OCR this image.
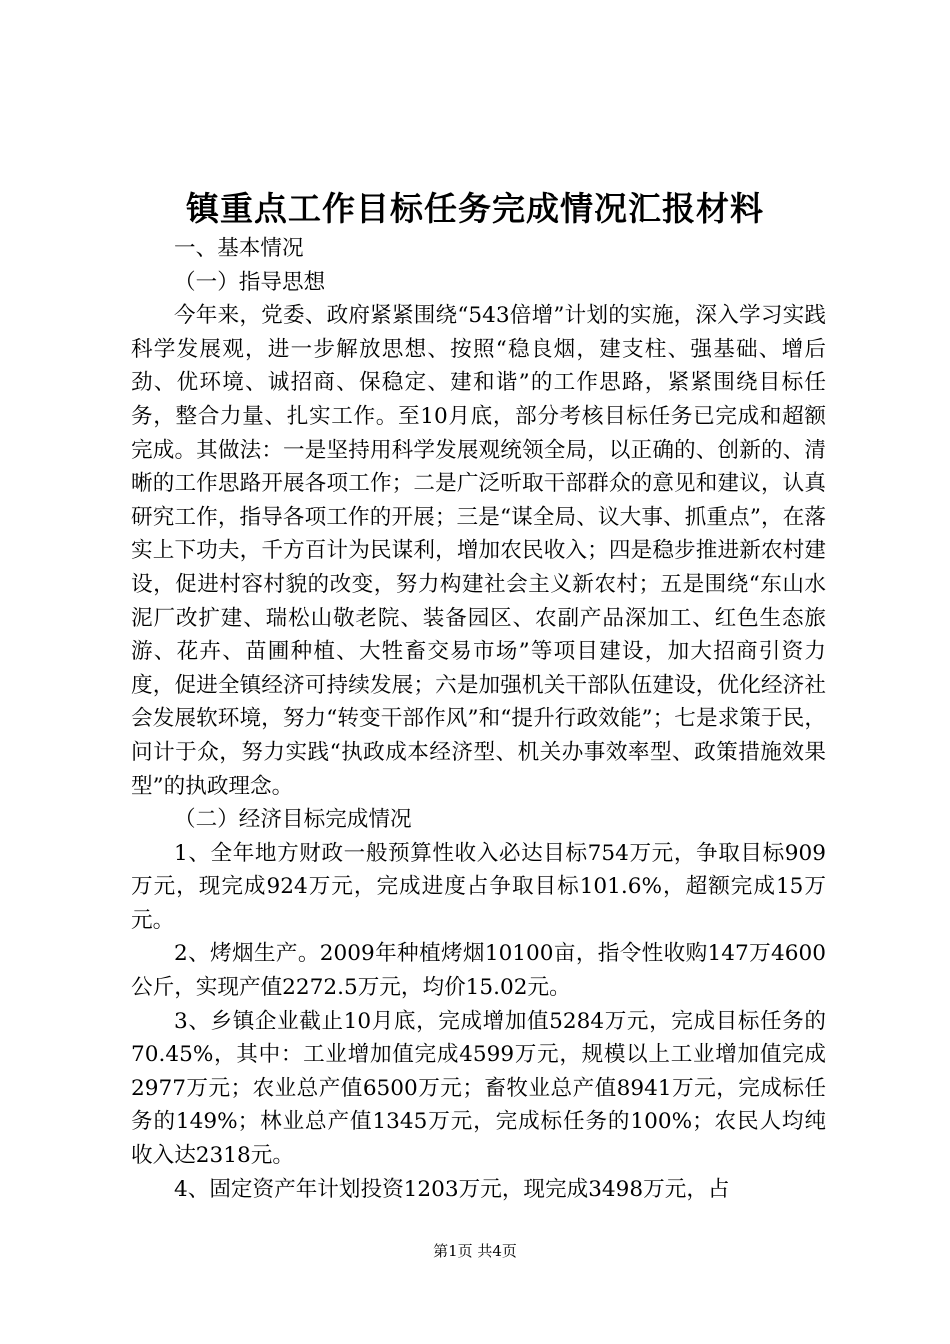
镇重点工作目标任务完成情况汇报材料

一、基本情况

（一）指导思想

今年来，党委、政府紧紧围绕“543倍增”计划的实施，深入学习实践科学发展观，进一步解放思想、按照“稳良烟，建支柱、强基础、增后劲、优环境、诚招商、保稳定、建和谐”的工作思路，紧紧围绕目标任务，整合力量、扎实工作。至10月底，部分考核目标任务已完成和超额完成。其做法：一是坚持用科学发展观统领全局，以正确的、创新的、清晰的工作思路开展各项工作；二是广泛听取干部群众的意见和建议，认真研究工作，指导各项工作的开展；三是“谋全局、议大事、抓重点”，在落实上下功夫，千方百计为民谋利，增加农民收入；四是稳步推进新农村建设，促进村容村貌的改变，努力构建社会主义新农村；五是围绕“东山水泥厂改扩建、瑞松山敬老院、装备园区、农副产品深加工、红色生态旅游、花卉、苗圃种植、大牲畜交易市场”等项目建设，加大招商引资力度，促进全镇经济可持续发展；六是加强机关干部队伍建设，优化经济社会发展软环境，努力“转变干部作风”和“提升行政效能”；七是求策于民，问计于众，努力实践“执政成本经济型、机关办事效率型、政策措施效果型”的执政理念。

（二）经济目标完成情况

1、全年地方财政一般预算性收入必达目标754万元，争取目标909万元，现完成924万元，完成进度占争取目标101.6%，超额完成15万元。

2、烤烟生产。2009年种植烤烟10100亩，指令性收购147万4600公斤，实现产值2272.5万元，均价15.02元。

3、乡镇企业截止10月底，完成增加值5284万元，完成目标任务的70.45%，其中：工业增加值完成4599万元，规模以上工业增加值完成2977万元；农业总产值6500万元；畜牧业总产值8941万元，完成标任务的149%；林业总产值1345万元，完成标任务的100%；农民人均纯收入达2318元。

4、固定资产年计划投资1203万元，现完成3498万元，占

第1页 共4页
